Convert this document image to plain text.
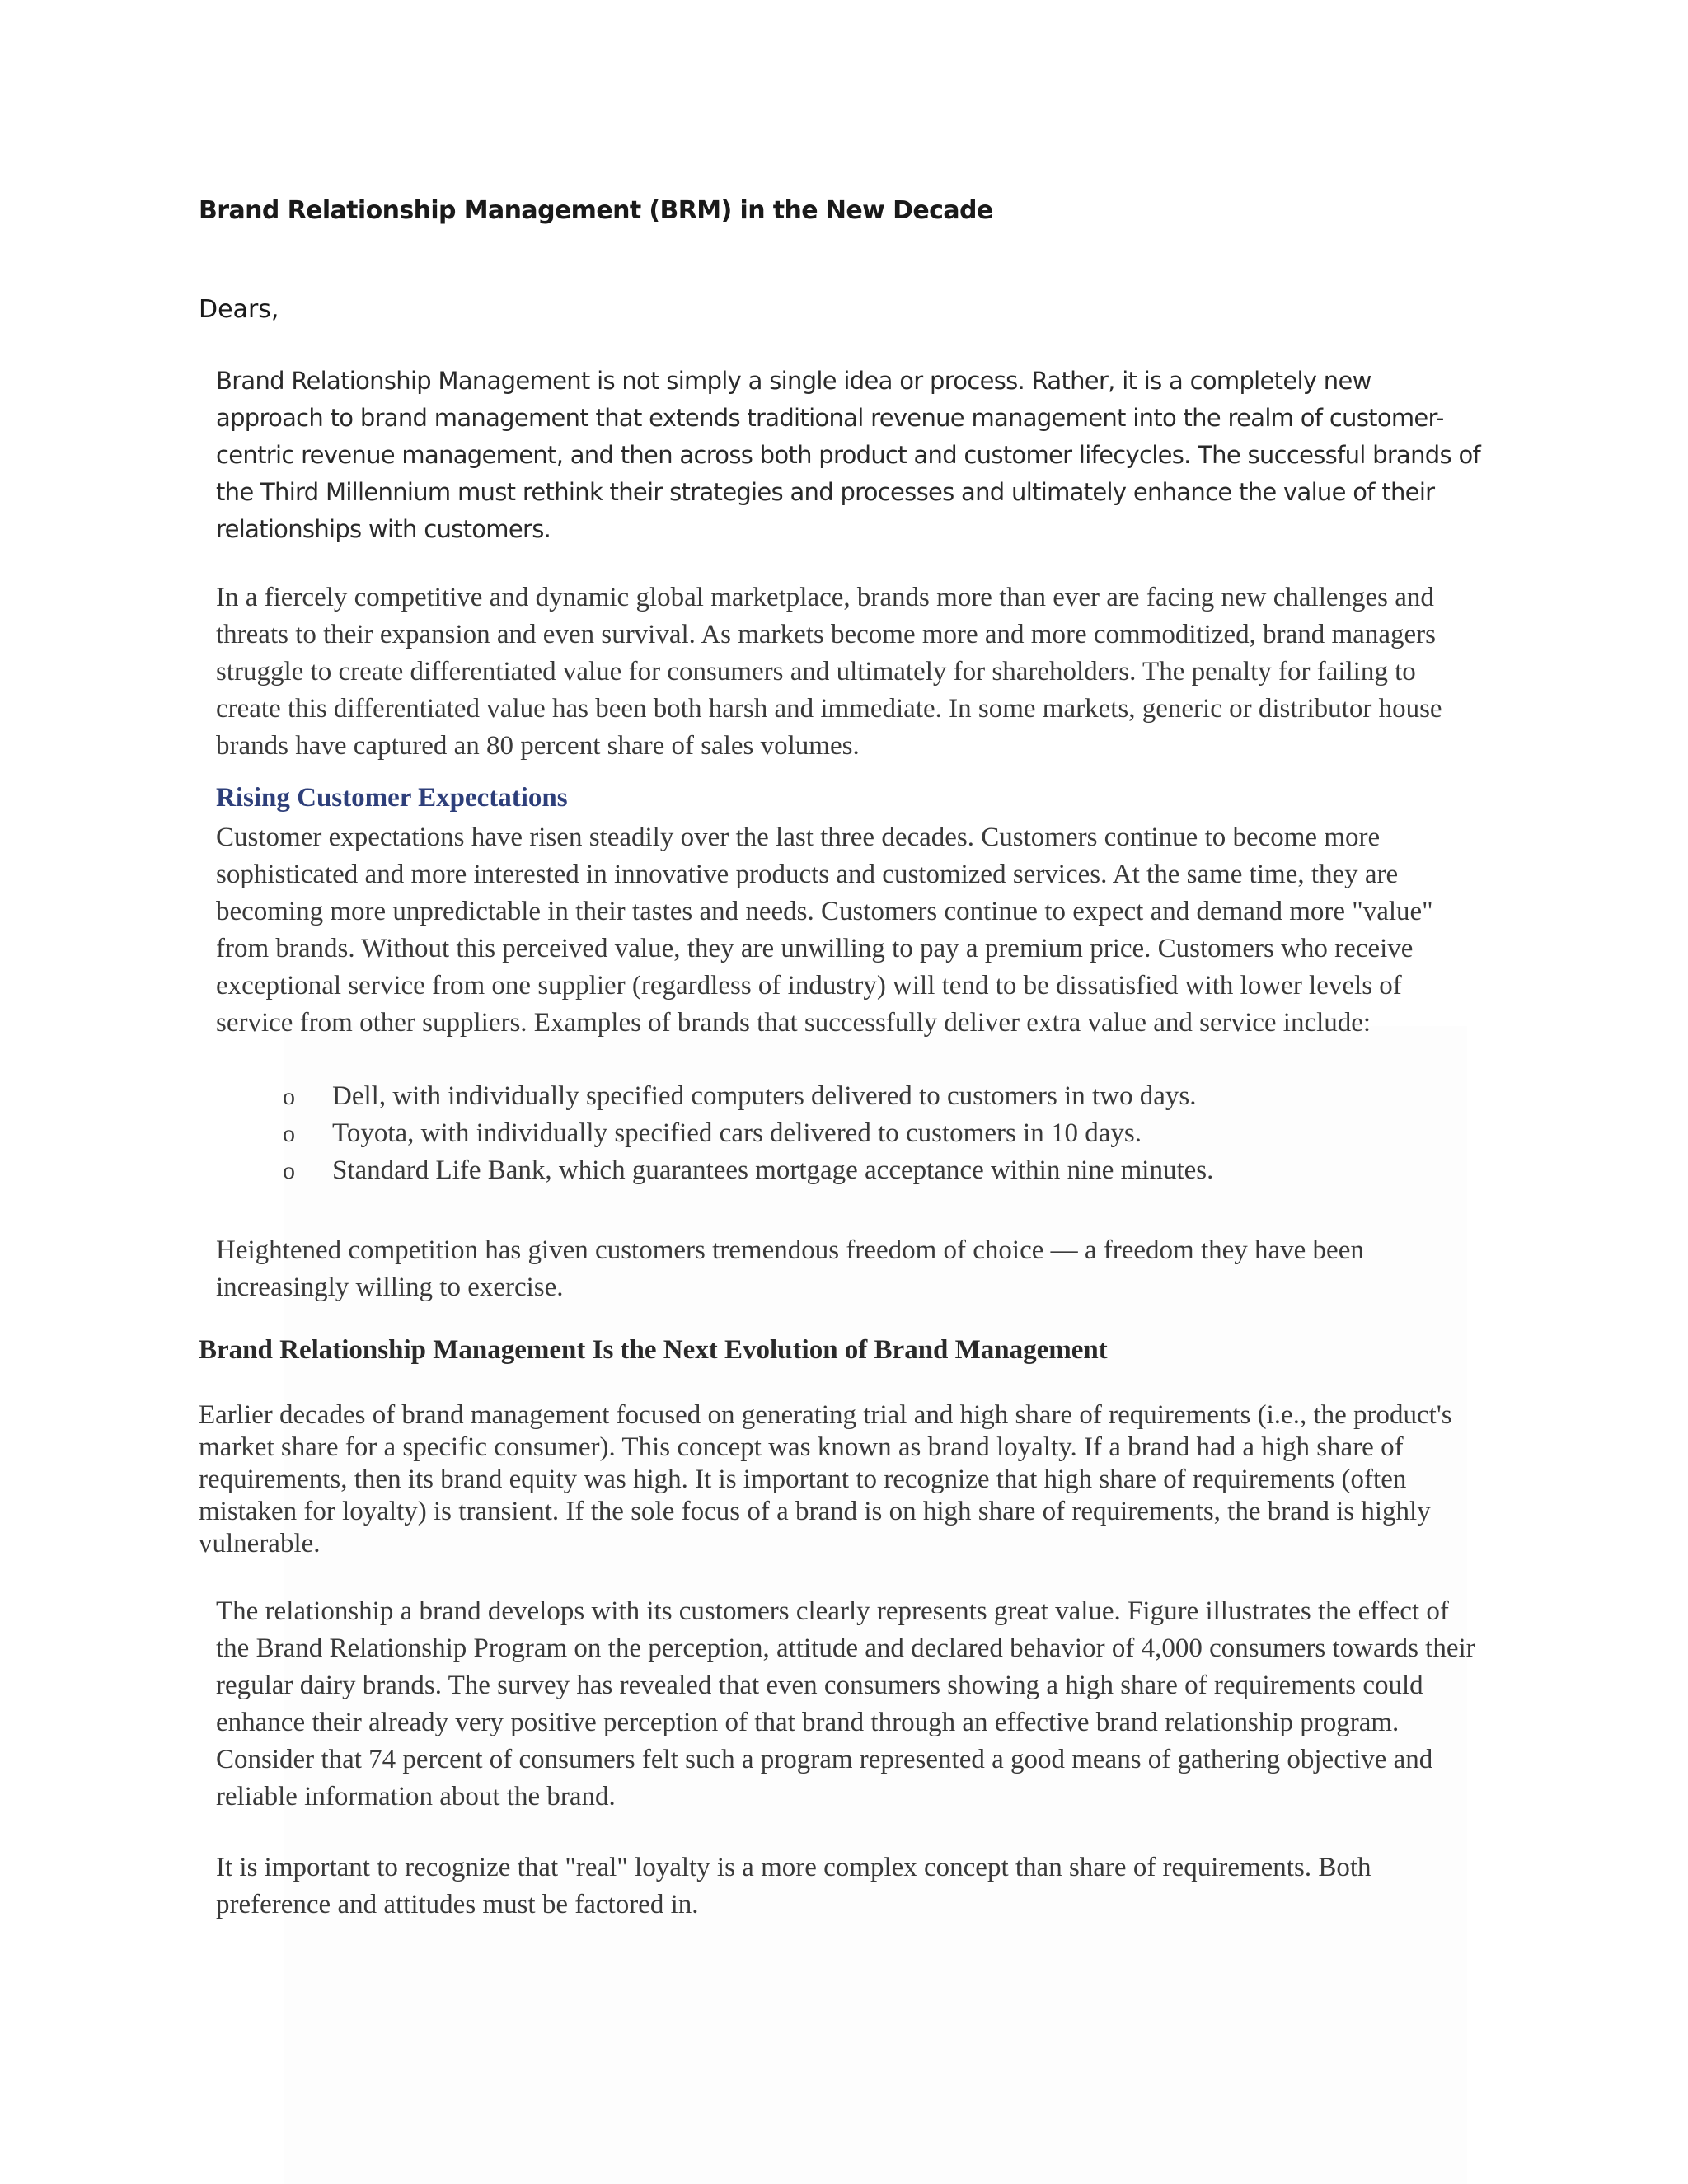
Brand Relationship Management (BRM) in the New Decade
Dears,

Brand Relationship Management is not simply a single idea or process. Rather, it is a completely new approach to brand management that extends traditional revenue management into the realm of customer-centric revenue management, and then across both product and customer lifecycles. The successful brands of the Third Millennium must rethink their strategies and processes and ultimately enhance the value of their relationships with customers.

In a fiercely competitive and dynamic global marketplace, brands more than ever are facing new challenges and threats to their expansion and even survival. As markets become more and more commoditized, brand managers struggle to create differentiated value for consumers and ultimately for shareholders. The penalty for failing to create this differentiated value has been both harsh and immediate. In some markets, generic or distributor house brands have captured an 80 percent share of sales volumes.

Rising Customer Expectations

Customer expectations have risen steadily over the last three decades. Customers continue to become more sophisticated and more interested in innovative products and customized services. At the same time, they are becoming more unpredictable in their tastes and needs. Customers continue to expect and demand more "value" from brands. Without this perceived value, they are unwilling to pay a premium price. Customers who receive exceptional service from one supplier (regardless of industry) will tend to be dissatisfied with lower levels of service from other suppliers. Examples of brands that successfully deliver extra value and service include:

o Dell, with individually specified computers delivered to customers in two days.
o Toyota, with individually specified cars delivered to customers in 10 days.
o Standard Life Bank, which guarantees mortgage acceptance within nine minutes.

Heightened competition has given customers tremendous freedom of choice — a freedom they have been increasingly willing to exercise.

Brand Relationship Management Is the Next Evolution of Brand Management

Earlier decades of brand management focused on generating trial and high share of requirements (i.e., the product's market share for a specific consumer). This concept was known as brand loyalty. If a brand had a high share of requirements, then its brand equity was high. It is important to recognize that high share of requirements (often mistaken for loyalty) is transient. If the sole focus of a brand is on high share of requirements, the brand is highly vulnerable.

The relationship a brand develops with its customers clearly represents great value. Figure illustrates the effect of the Brand Relationship Program on the perception, attitude and declared behavior of 4,000 consumers towards their regular dairy brands. The survey has revealed that even consumers showing a high share of requirements could enhance their already very positive perception of that brand through an effective brand relationship program. Consider that 74 percent of consumers felt such a program represented a good means of gathering objective and reliable information about the brand.

It is important to recognize that "real" loyalty is a more complex concept than share of requirements. Both preference and attitudes must be factored in.
